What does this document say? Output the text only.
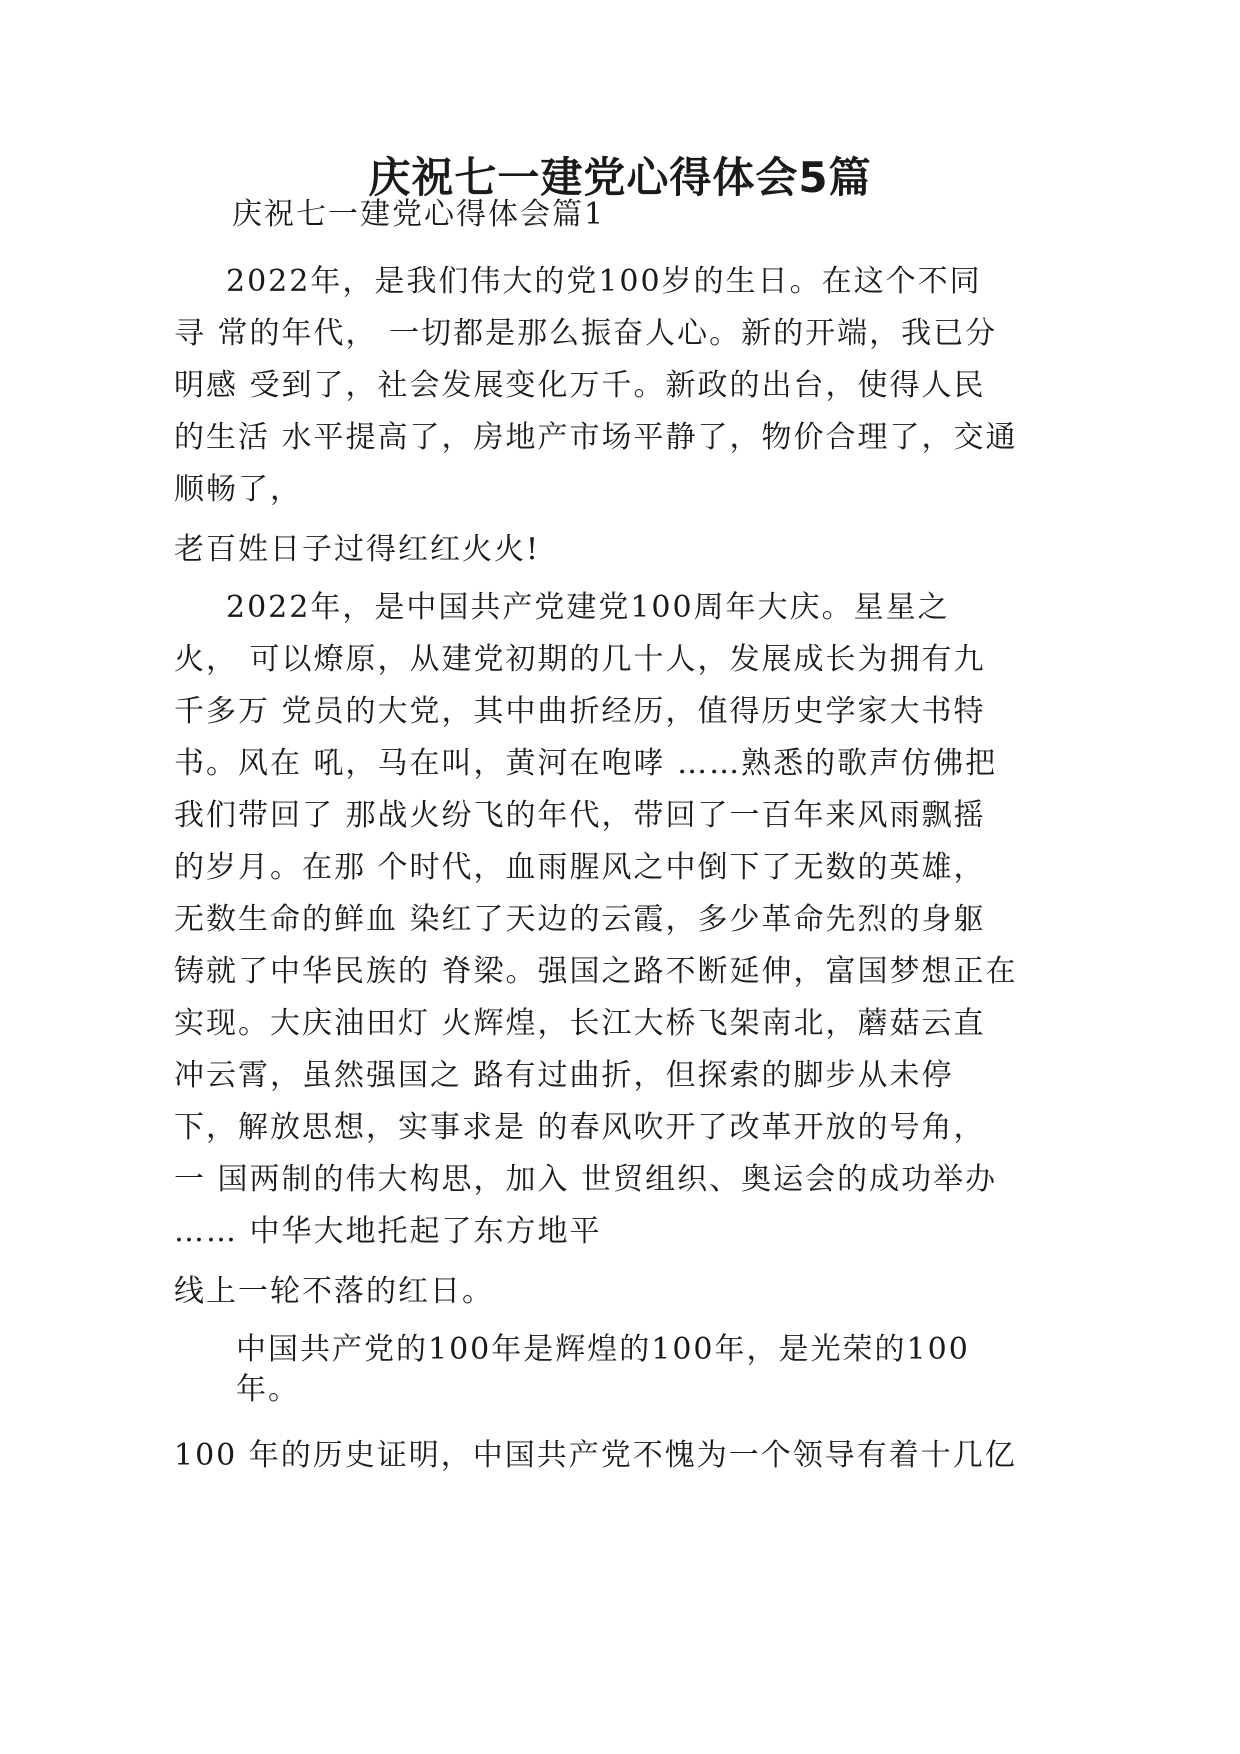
庆祝七一建党心得体会5篇

庆祝七一建党心得体会篇1

2022年，是我们伟大的党100岁的生日。在这个不同

寻 常的年代， 一切都是那么振奋人心。新的开端，我已分

明感 受到了，社会发展变化万千。新政的出台，使得人民

的生活 水平提高了，房地产市场平静了，物价合理了，交通

顺畅了，

老百姓日子过得红红火火!

2022年，是中国共产党建党100周年大庆。星星之

火， 可以燎原，从建党初期的几十人，发展成长为拥有九

千多万 党员的大党，其中曲折经历，值得历史学家大书特

书。风在 吼，马在叫，黄河在咆哮 ……熟悉的歌声仿佛把

我们带回了 那战火纷飞的年代，带回了一百年来风雨飘摇

的岁月。在那 个时代，血雨腥风之中倒下了无数的英雄，

无数生命的鲜血 染红了天边的云霞，多少革命先烈的身躯

铸就了中华民族的 脊梁。强国之路不断延伸，富国梦想正在

实现。大庆油田灯 火辉煌，长江大桥飞架南北，蘑菇云直

冲云霄，虽然强国之 路有过曲折，但探索的脚步从未停

下，解放思想，实事求是 的春风吹开了改革开放的号角，

一 国两制的伟大构思，加入 世贸组织、奥运会的成功举办

…… 中华大地托起了东方地平

线上一轮不落的红日。

中国共产党的100年是辉煌的100年，是光荣的100

年。

100 年的历史证明，中国共产党不愧为一个领导有着十几亿
